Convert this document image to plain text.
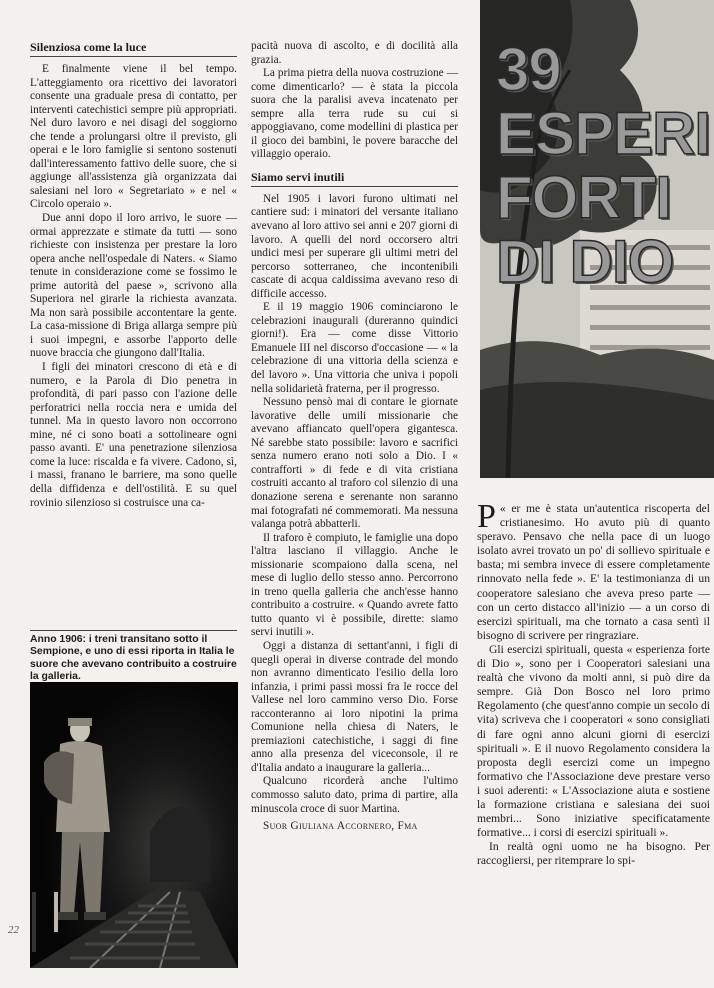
Silenziosa come la luce

E finalmente viene il bel tempo. L'atteggiamento ora ricettivo dei lavoratori consente una graduale presa di contatto, per interventi catechistici sempre più appropriati. Nel duro lavoro e nei disagi del soggiorno che tende a prolungarsi oltre il previsto, gli operai e le loro famiglie si sentono sostenuti dall'interessamento fattivo delle suore, che si aggiunge all'assistenza già organizzata dai salesiani nel loro « Segretariato » e nel « Circolo operaio ».

Due anni dopo il loro arrivo, le suore — ormai apprezzate e stimate da tutti — sono richieste con insistenza per prestare la loro opera anche nell'ospedale di Naters. « Siamo tenute in considerazione come se fossimo le prime autorità del paese », scrivono alla Superiora nel girarle la richiesta avanzata. Ma non sarà possibile accontentare la gente. La casa-missione di Briga allarga sempre più i suoi impegni, e assorbe l'apporto delle nuove braccia che giungono dall'Italia.

I figli dei minatori crescono di età e di numero, e la Parola di Dio penetra in profondità, di pari passo con l'azione delle perforatrici nella roccia nera e umida del tunnel. Ma in questo lavoro non occorrono mine, né ci sono boati a sottolineare ogni passo avanti. E' una penetrazione silenziosa come la luce: riscalda e fa vivere. Cadono, sì, i massi, franano le barriere, ma sono quelle della diffidenza e dell'ostilità. E su quel rovinio silenzioso si costruisce una ca-

Anno 1906: i treni transitano sotto il Sempione, e uno di essi riporta in Italia le suore che avevano contribuito a costruire la galleria.

pacità nuova di ascolto, e di docilità alla grazia.

La prima pietra della nuova costruzione — come dimenticarlo? — è stata la piccola suora che la paralisi aveva incatenato per sempre alla terra rude su cui si appoggiavano, come modellini di plastica per il gioco dei bambini, le povere baracche del villaggio operaio.

Siamo servi inutili

Nel 1905 i lavori furono ultimati nel cantiere sud: i minatori del versante italiano avevano al loro attivo sei anni e 207 giorni di lavoro. A quelli del nord occorsero altri undici mesi per superare gli ultimi metri del percorso sotterraneo, che incontenibili cascate di acqua caldissima avevano reso di difficile accesso.

E il 19 maggio 1906 cominciarono le celebrazioni inaugurali (dureranno quindici giorni!). Era — come disse Vittorio Emanuele III nel discorso d'occasione — « la celebrazione di una vittoria della scienza e del lavoro ». Una vittoria che univa i popoli nella solidarietà fraterna, per il progresso.

Nessuno pensò mai di contare le giornate lavorative delle umili missionarie che avevano affiancato quell'opera gigantesca. Né sarebbe stato possibile: lavoro e sacrifici senza numero erano noti solo a Dio. I « contrafforti » di fede e di vita cristiana costruiti accanto al traforo col silenzio di una donazione serena e serenante non saranno mai fotografati né commemorati. Ma nessuna valanga potrà abbatterli.

Il traforo è compiuto, le famiglie una dopo l'altra lasciano il villaggio. Anche le missionarie scompaiono dalla scena, nel mese di luglio dello stesso anno. Percorrono in treno quella galleria che anch'esse hanno contribuito a costruire. « Quando avrete fatto tutto quanto vi è possibile, dirette: siamo servi inutili ».

Oggi a distanza di settant'anni, i figli di quegli operai in diverse contrade del mondo non avranno dimenticato l'esilio della loro infanzia, i primi passi mossi fra le rocce del Vallese nel loro cammino verso Dio. Forse racconteranno ai loro nipotini la prima Comunione nella chiesa di Naters, le premiazioni catechistiche, i saggi di fine anno alla presenza del viceconsole, il re d'Italia andato a inaugurare la galleria...

Qualcuno ricorderà anche l'ultimo commosso saluto dato, prima di partire, alla minuscola croce di suor Martina.

Suor Giuliana Accornero, Fma

39
ESPERI
FORTI
DI DIO

«
P	er me è stata un'autentica riscoperta del cristianesimo. Ho avuto più di quanto speravo. Pensavo che nella pace di un luogo isolato avrei trovato un po' di sollievo spirituale e basta; mi sembra invece di essere completamente rinnovato nella fede ». E' la testimonianza di un cooperatore salesiano che aveva preso parte — con un certo distacco all'inizio — a un corso di esercizi spirituali, ma che tornato a casa sentì il bisogno di scrivere per ringraziare.

Gli esercizi spirituali, questa « esperienza forte di Dio », sono per i Cooperatori salesiani una realtà che vivono da molti anni, si può dire da sempre. Già Don Bosco nel loro primo Regolamento (che quest'anno compie un secolo di vita) scriveva che i cooperatori « sono consigliati di fare ogni anno alcuni giorni di esercizi spirituali ». E il nuovo Regolamento considera la proposta degli esercizi come un impegno formativo che l'Associazione deve prestare verso i suoi aderenti: « L'Associazione aiuta e sostiene la formazione cristiana e salesiana dei suoi membri... Sono iniziative specificatamente formative... i corsi di esercizi spirituali ».

In realtà ogni uomo ne ha bisogno. Per raccogliersi, per ritemprare lo spi-

22
